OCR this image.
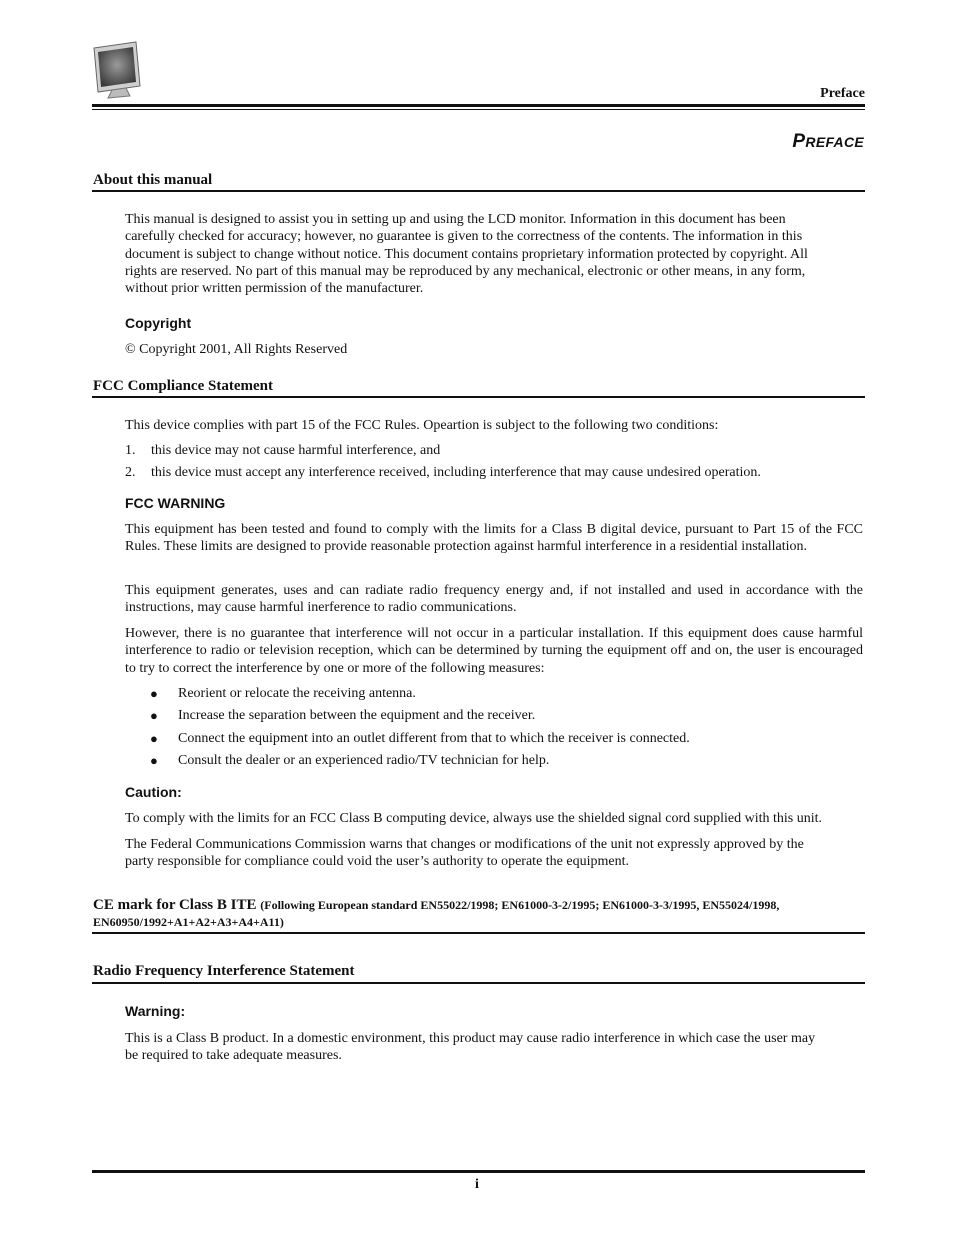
Preface
PREFACE
About this manual
This manual is designed to assist you in setting up and using the LCD monitor. Information in this document has been
carefully checked for accuracy; however, no guarantee is given to the correctness of the contents. The information in this
document is subject to change without notice. This document contains proprietary information protected by copyright. All
rights are reserved. No part of this manual may be reproduced by any mechanical, electronic or other means, in any form,
without prior written permission of the manufacturer.
Copyright
© Copyright 2001, All Rights Reserved
FCC Compliance Statement
This device complies with part 15 of the FCC Rules. Opeartion is subject to the following two conditions:
1. this device may not cause harmful interference, and
2. this device must accept any interference received, including interference that may cause undesired operation.
FCC WARNING
This equipment has been tested and found to comply with the limits for a Class B digital device, pursuant to Part 15 of the FCC Rules. These limits are designed to provide reasonable protection against harmful interference in a residential installation.
This equipment generates, uses and can radiate radio frequency energy and, if not installed and used in accordance with the instructions, may cause harmful inerference to radio communications.
However, there is no guarantee that interference will not occur in a particular installation. If this equipment does cause harmful interference to radio or television reception, which can be determined by turning the equipment off and on, the user is encouraged to try to correct the interference by one or more of the following measures:
● Reorient or relocate the receiving antenna.
● Increase the separation between the equipment and the receiver.
● Connect the equipment into an outlet different from that to which the receiver is connected.
● Consult the dealer or an experienced radio/TV technician for help.
Caution:
To comply with the limits for an FCC Class B computing device, always use the shielded signal cord supplied with this unit.
The Federal Communications Commission warns that changes or modifications of the unit not expressly approved by the
party responsible for compliance could void the user’s authority to operate the equipment.
CE mark for Class B ITE (Following European standard EN55022/1998; EN61000-3-2/1995; EN61000-3-3/1995, EN55024/1998,
EN60950/1992+A1+A2+A3+A4+A11)
Radio Frequency Interference Statement
Warning:
This is a Class B product. In a domestic environment, this product may cause radio interference in which case the user may
be required to take adequate measures.
i
